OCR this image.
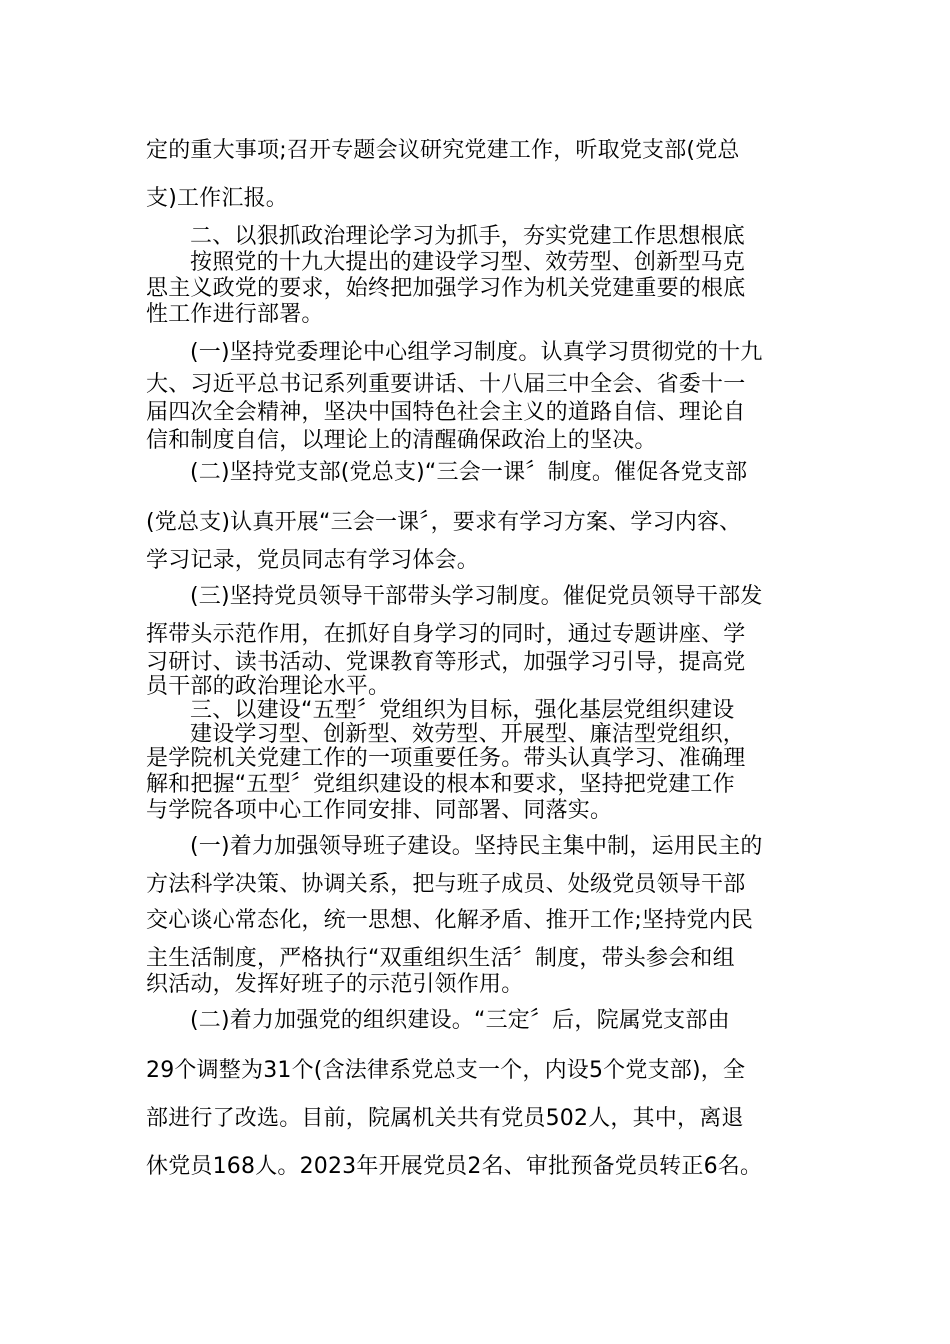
定的重大事项;召开专题会议研究党建工作，听取党支部(党总
支)工作汇报。
二、以狠抓政治理论学习为抓手，夯实党建工作思想根底
按照党的十九大提出的建设学习型、效劳型、创新型马克
思主义政党的要求，始终把加强学习作为机关党建重要的根底
性工作进行部署。
(一)坚持党委理论中心组学习制度。认真学习贯彻党的十九
大、习近平总书记系列重要讲话、十八届三中全会、省委十一
届四次全会精神，坚决中国特色社会主义的道路自信、理论自
信和制度自信，以理论上的清醒确保政治上的坚决。
(二)坚持党支部(党总支)“三会一课〞制度。催促各党支部
(党总支)认真开展“三会一课〞，要求有学习方案、学习内容、
学习记录，党员同志有学习体会。
(三)坚持党员领导干部带头学习制度。催促党员领导干部发
挥带头示范作用，在抓好自身学习的同时，通过专题讲座、学
习研讨、读书活动、党课教育等形式，加强学习引导，提高党
员干部的政治理论水平。
三、以建设“五型〞党组织为目标，强化基层党组织建设
建设学习型、创新型、效劳型、开展型、廉洁型党组织，
是学院机关党建工作的一项重要任务。带头认真学习、准确理
解和把握“五型〞党组织建设的根本和要求，坚持把党建工作
与学院各项中心工作同安排、同部署、同落实。
(一)着力加强领导班子建设。坚持民主集中制，运用民主的
方法科学决策、协调关系，把与班子成员、处级党员领导干部
交心谈心常态化，统一思想、化解矛盾、推开工作;坚持党内民
主生活制度，严格执行“双重组织生活〞制度，带头参会和组
织活动，发挥好班子的示范引领作用。
(二)着力加强党的组织建设。“三定〞后，院属党支部由
29个调整为31个(含法律系党总支一个，内设5个党支部)，全
部进行了改选。目前，院属机关共有党员502人，其中，离退
休党员168人。2023年开展党员2名、审批预备党员转正6名。
